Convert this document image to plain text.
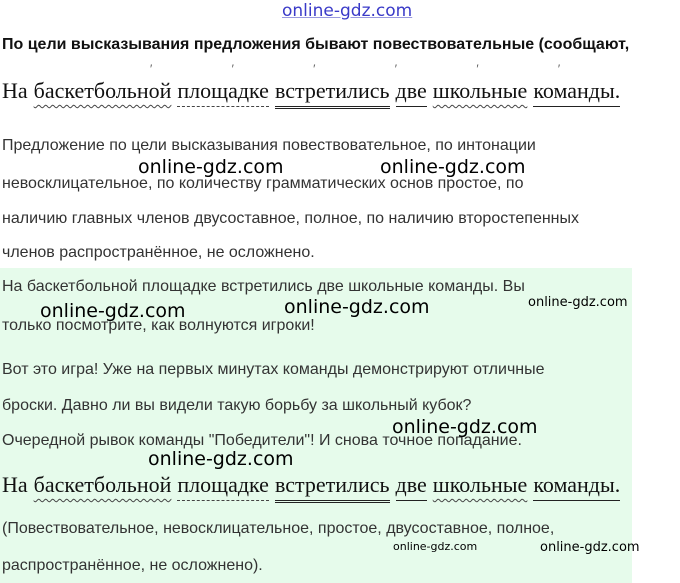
online-gdz.com
По цели высказывания предложения бывают повествовательные (сообщают,
′ ′ ′ ′ ′ ′
На баскетбольной площадке встретились две школьные команды.
Предложение по цели высказывания повествовательное, по интонации
невосклицательное, по количеству грамматических основ простое, по
наличию главных членов двусоставное, полное, по наличию второстепенных
членов распространённое, не осложнено.
online-gdz.com	online-gdz.com
На баскетбольной площадке встретились две школьные команды. Вы
только посмотрите, как волнуются игроки!
Вот это игра! Уже на первых минутах команды демонстрируют отличные
броски. Давно ли вы видели такую борьбу за школьный кубок?
Очередной рывок команды "Победители"! И снова точное попадание.
online-gdz.com	online-gdz.com	online-gdz.com
online-gdz.com
online-gdz.com
На баскетбольной площадке встретились две школьные команды.
(Повествовательное, невосклицательное, простое, двусоставное, полное,
распространённое, не осложнено).
online-gdz.com	online-gdz.com
